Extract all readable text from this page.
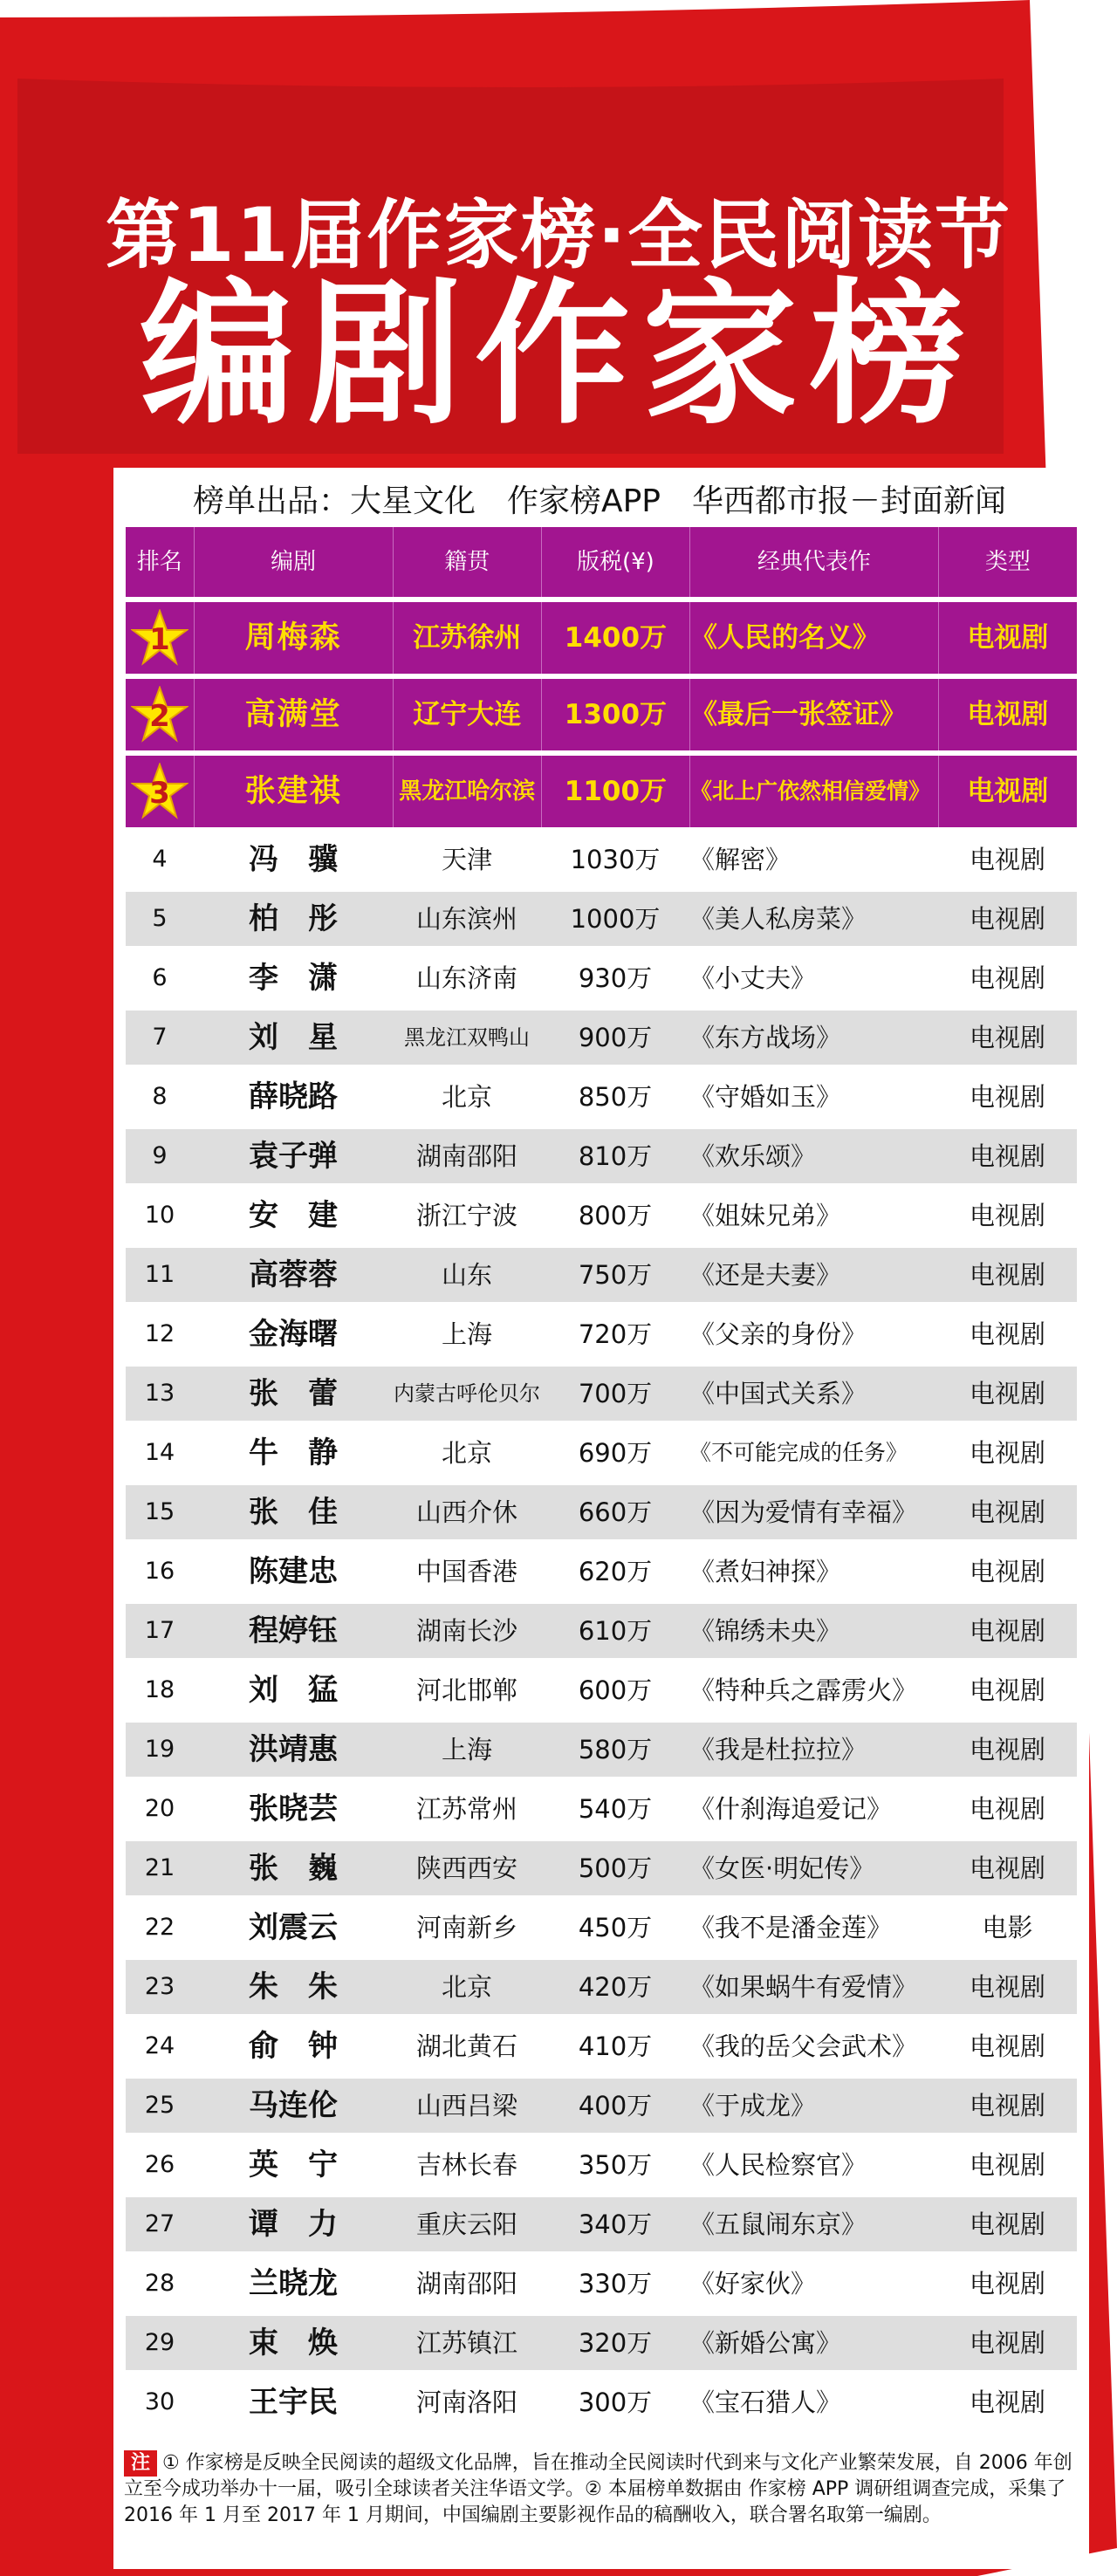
第11届作家榜·全民阅读节
编剧作家榜
榜单出品：大星文化　作家榜APP　华西都市报－封面新闻
排名	编剧	籍贯	版税(¥)	经典代表作	类型
1	周梅森	江苏徐州	1400万 《人民的名义》	电视剧
2	高满堂	辽宁大连	1300万 《最后一张签证》	电视剧
3	张建祺	黑龙江哈尔滨	1100万	《北上广依然相信爱情》	电视剧
4	冯　骥	天津	1030万	《解密》	电视剧
5	柏　彤	山东滨州	1000万	《美人私房菜》	电视剧
6	李　潇	山东济南	930万	《小丈夫》	电视剧
7	刘　星	黑龙江双鸭山	900万	《东方战场》	电视剧
8	薛晓路	北京	850万	《守婚如玉》	电视剧
9	袁子弹	湖南邵阳	810万	《欢乐颂》	电视剧
10	安　建	浙江宁波	800万	《姐妹兄弟》	电视剧
11	高蓉蓉	山东	750万	《还是夫妻》	电视剧
12	金海曙	上海	720万	《父亲的身份》	电视剧
13	张　蕾	内蒙古呼伦贝尔	700万	《中国式关系》	电视剧
14	牛　静	北京	690万	《不可能完成的任务》	电视剧
15	张　佳	山西介休	660万	《因为爱情有幸福》	电视剧
16	陈建忠	中国香港	620万	《煮妇神探》	电视剧
17	程婷钰	湖南长沙	610万	《锦绣未央》	电视剧
18	刘　猛	河北邯郸	600万	《特种兵之霹雳火》	电视剧
19	洪靖惠	上海	580万	《我是杜拉拉》	电视剧
20	张晓芸	江苏常州	540万	《什刹海追爱记》	电视剧
21	张　巍	陕西西安	500万	《女医·明妃传》	电视剧
22	刘震云	河南新乡	450万	《我不是潘金莲》	电影
23	朱　朱	北京	420万	《如果蜗牛有爱情》	电视剧
24	俞　钟	湖北黄石	410万	《我的岳父会武术》	电视剧
25	马连伦	山西吕梁	400万	《于成龙》	电视剧
26	英　宁	吉林长春	350万	《人民检察官》	电视剧
27	谭　力	重庆云阳	340万	《五鼠闹东京》	电视剧
28	兰晓龙	湖南邵阳	330万	《好家伙》	电视剧
29	束　焕	江苏镇江	320万	《新婚公寓》	电视剧
30	王宇民	河南洛阳	300万	《宝石猎人》	电视剧
注 ① 作家榜是反映全民阅读的超级文化品牌，旨在推动全民阅读时代到来与文化产业繁荣发展，自 2006 年创立至今成功举办十一届，吸引全球读者关注华语文学。② 本届榜单数据由 作家榜 APP 调研组调查完成，采集了 2016 年 1 月至 2017 年 1 月期间，中国编剧主要影视作品的稿酬收入，联合署名取第一编剧。
